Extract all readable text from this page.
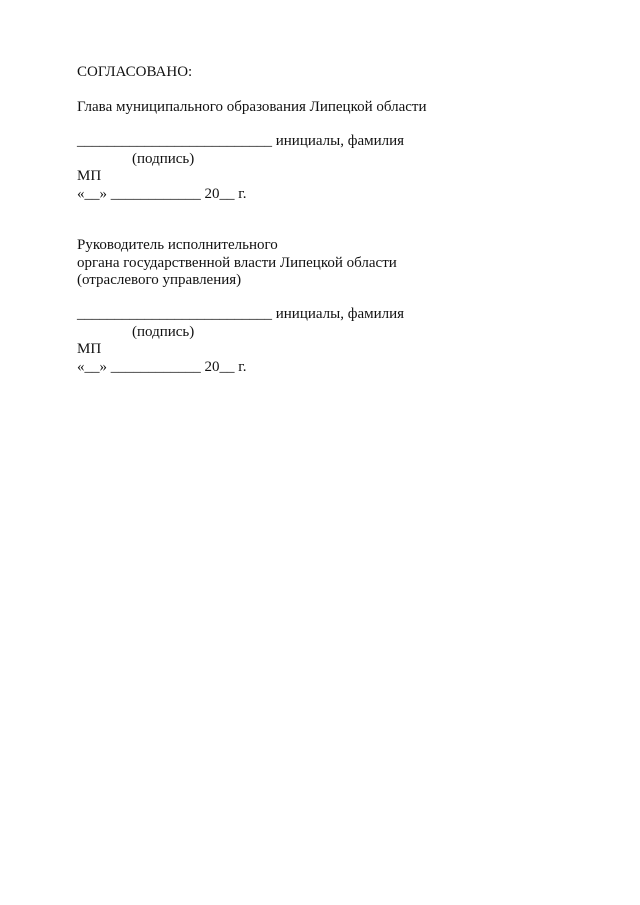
СОГЛАСОВАНО:
Глава муниципального образования Липецкой области
__________________________ инициалы, фамилия
(подпись)
МП
«__» ____________ 20__ г.
Руководитель исполнительного
органа государственной власти Липецкой области
(отраслевого управления)
__________________________ инициалы, фамилия
(подпись)
МП
«__» ____________ 20__ г.
